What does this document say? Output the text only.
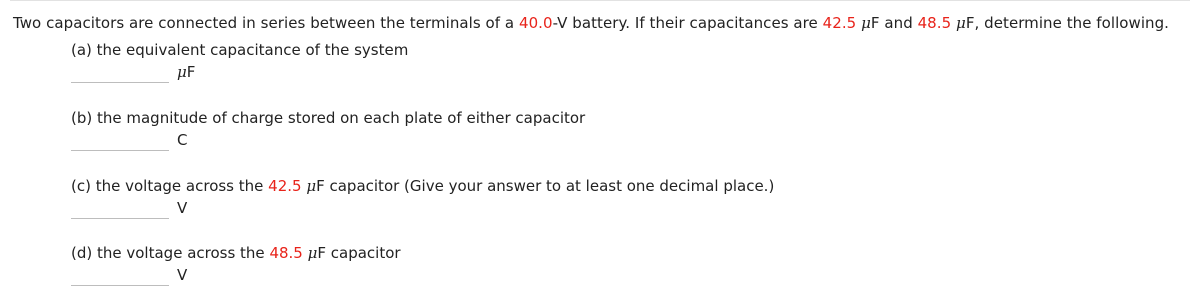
Two capacitors are connected in series between the terminals of a 40.0-V battery. If their capacitances are 42.5 μF and 48.5 μF, determine the following.

(a) the equivalent capacitance of the system

μF

(b) the magnitude of charge stored on each plate of either capacitor

C

(c) the voltage across the 42.5 μF capacitor (Give your answer to at least one decimal place.)

V

(d) the voltage across the 48.5 μF capacitor

V
